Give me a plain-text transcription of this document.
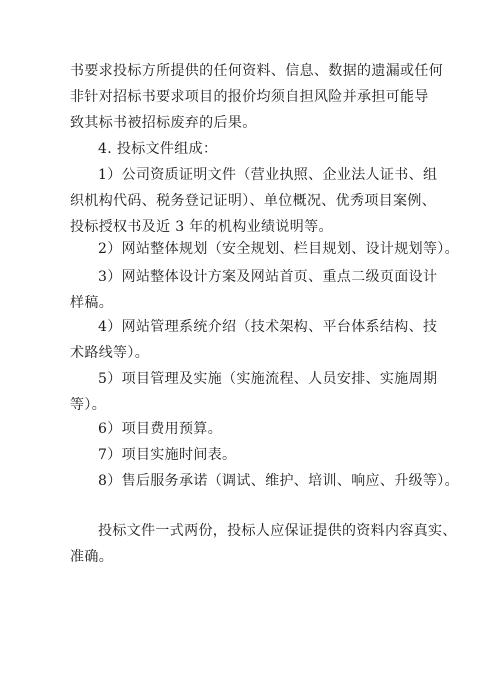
书要求投标方所提供的任何资料、信息、数据的遗漏或任何
非针对招标书要求项目的报价均须自担风险并承担可能导
致其标书被招标废弃的后果。
4. 投标文件组成：
1）公司资质证明文件（营业执照、企业法人证书、组
织机构代码、税务登记证明）、单位概况、优秀项目案例、
投标授权书及近 3 年的机构业绩说明等。
2）网站整体规划（安全规划、栏目规划、设计规划等）。
3）网站整体设计方案及网站首页、重点二级页面设计
样稿。
4）网站管理系统介绍（技术架构、平台体系结构、技
术路线等）。
5）项目管理及实施（实施流程、人员安排、实施周期
等）。
6）项目费用预算。
7）项目实施时间表。
8）售后服务承诺（调试、维护、培训、响应、升级等）。
投标文件一式两份，投标人应保证提供的资料内容真实、
准确。
